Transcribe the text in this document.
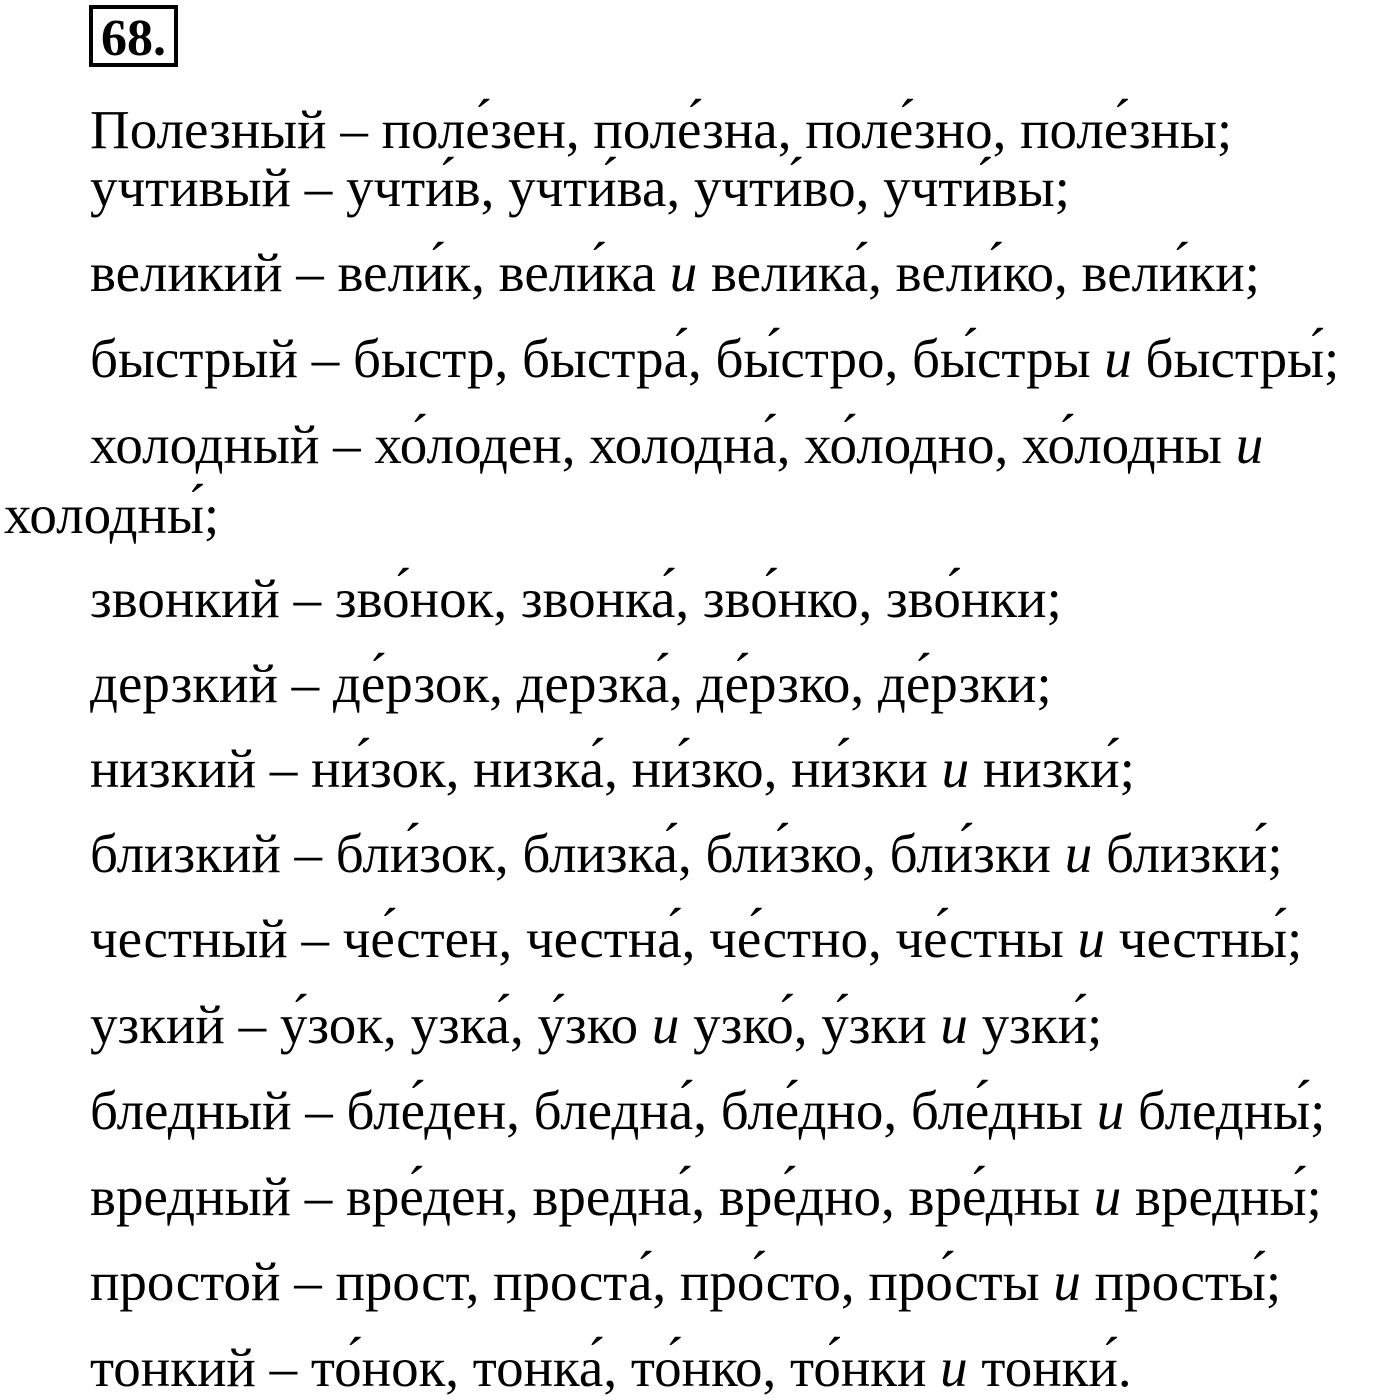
68.
Полезный – поле́зен, поле́зна, поле́зно, поле́зны;
учтивый – учти́в, учти́ва, учти́во, учти́вы;
великий – вели́к, вели́ка и велика́, вели́ко, вели́ки;
быстрый – быстр, быстра́, бы́стро, бы́стры и быстры́;
холодный – хо́лоден, холодна́, хо́лодно, хо́лодны и
холодны́;
звонкий – зво́нок, звонка́, зво́нко, зво́нки;
дерзкий – де́рзок, дерзка́, де́рзко, де́рзки;
низкий – ни́зок, низка́, ни́зко, ни́зки и низки́;
близкий – бли́зок, близка́, бли́зко, бли́зки и близки́;
честный – че́стен, честна́, че́стно, че́стны и честны́;
узкий – у́зок, узка́, у́зко и узко́, у́зки и узки́;
бледный – бле́ден, бледна́, бле́дно, бле́дны и бледны́;
вредный – вре́ден, вредна́, вре́дно, вре́дны и вредны́;
простой – прост, проста́, про́сто, про́сты и просты́;
тонкий – то́нок, тонка́, то́нко, то́нки и тонки́.
